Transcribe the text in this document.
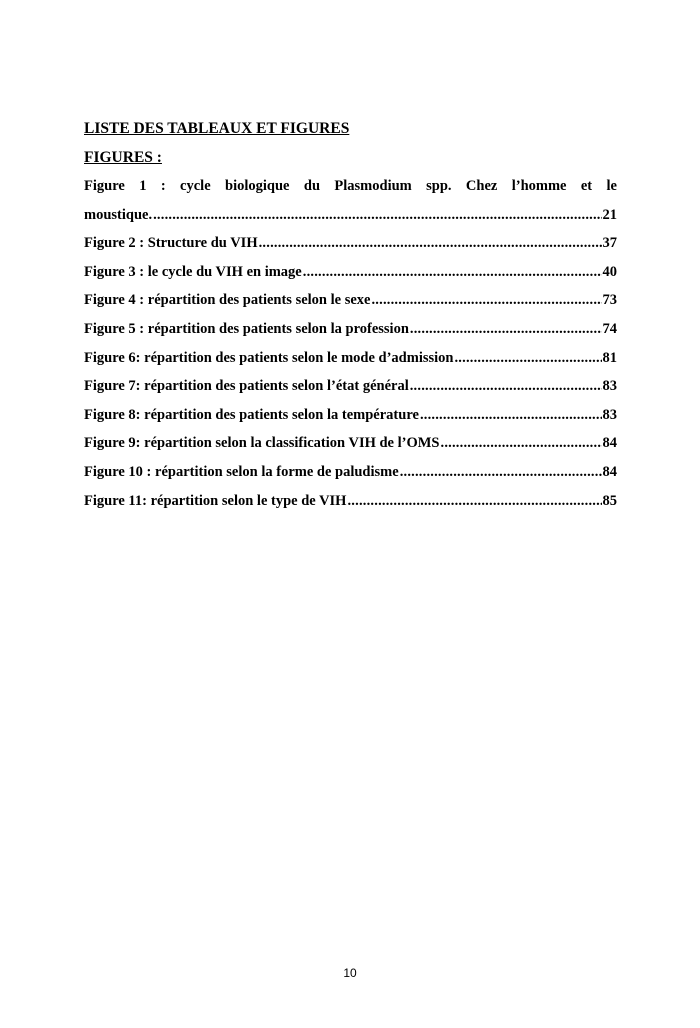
LISTE DES TABLEAUX ET FIGURES
FIGURES :
Figure 1 : cycle biologique du Plasmodium spp. Chez l’homme et le
moustique. .....	21
Figure 2 : Structure du VIH .....	37
Figure 3 : le cycle du VIH en image .....	40
Figure 4 : répartition des patients selon le sexe .....	73
Figure 5 : répartition des patients selon la profession .....	74
Figure 6: répartition des patients selon le mode d’admission .....	81
Figure 7: répartition des patients selon l’état général .....	83
Figure 8: répartition des patients selon la température .....	83
Figure 9: répartition selon la classification VIH de l’OMS .....	84
Figure 10 : répartition selon la forme de paludisme .....	84
Figure 11: répartition selon le type de VIH .....	85
10
